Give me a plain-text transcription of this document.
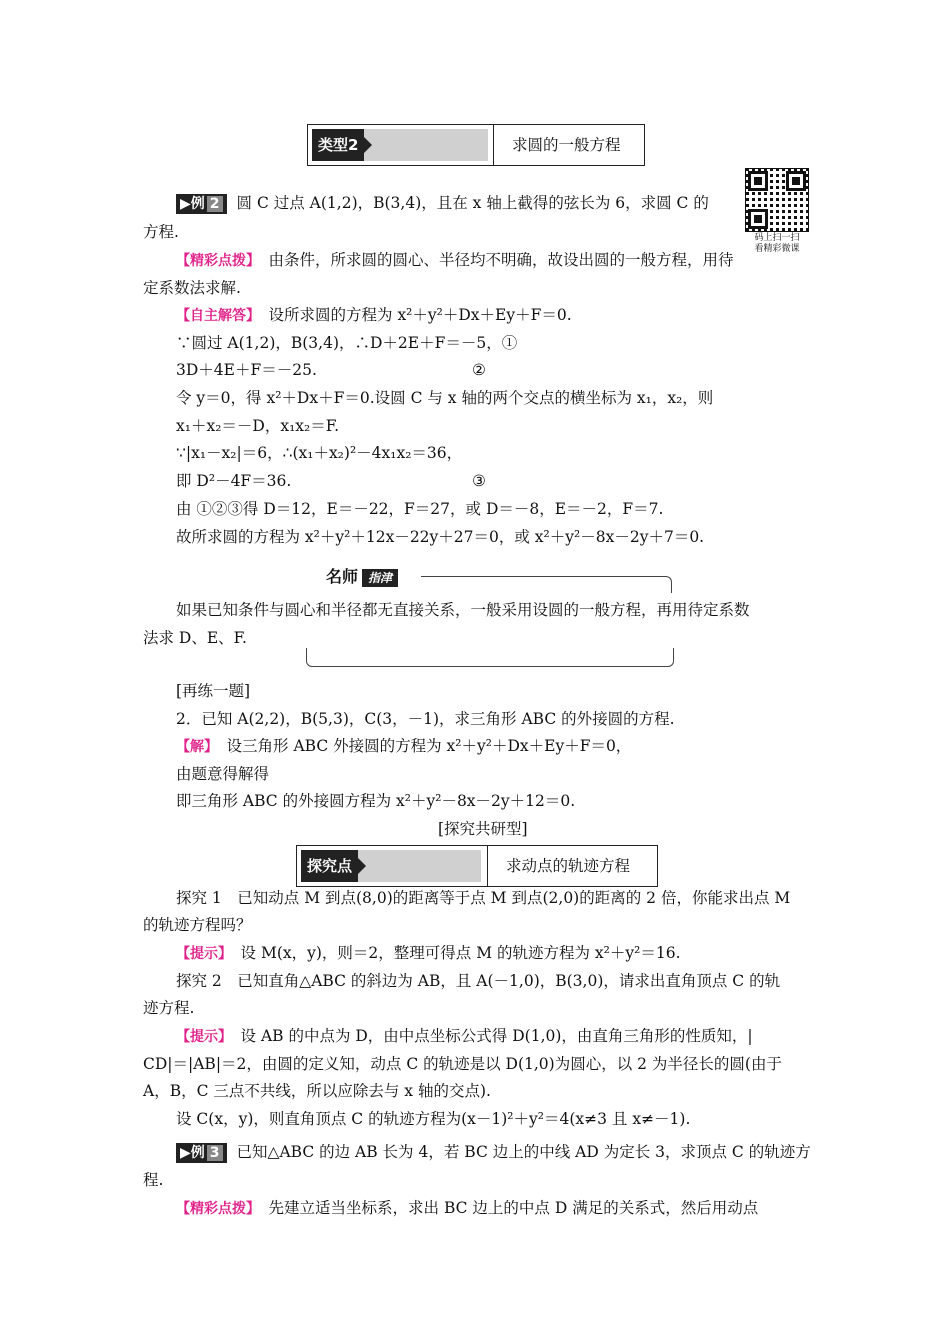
类型2	求圆的一般方程
▶例 2 圆 C 过点 A(1,2)，B(3,4)，且在 x 轴上截得的弦长为 6，求圆 C 的
方程.	码上扫一扫
看精彩微课
【精彩点拨】　 由条件，所求圆的圆心、半径均不明确，故设出圆的一般方程，用待
定系数法求解.
【自主解答】　 设所求圆的方程为 x²＋y²＋Dx＋Ey＋F＝0.
∵圆过 A(1,2)，B(3,4)，∴D＋2E＋F＝－5，①
3D＋4E＋F＝－25.	②
令 y＝0，得 x²＋Dx＋F＝0.设圆 C 与 x 轴的两个交点的横坐标为 x₁，x₂，则
x₁＋x₂＝－D，x₁x₂＝F.
∵|x₁－x₂|＝6，∴(x₁＋x₂)²－4x₁x₂＝36，
即 D²－4F＝36.	③
由 ①②③得 D＝12，E＝－22，F＝27，或 D＝－8，E＝－2，F＝7.
故所求圆的方程为 x²＋y²＋12x－22y＋27＝0，或 x²＋y²－8x－2y＋7＝0.
名师 指津
如果已知条件与圆心和半径都无直接关系，一般采用设圆的一般方程，再用待定系数
法求 D、E、F.
[再练一题]
2．已知 A(2,2)，B(5,3)，C(3，－1)，求三角形 ABC 的外接圆的方程.
【解】　 设三角形 ABC 外接圆的方程为 x²＋y²＋Dx＋Ey＋F＝0，
由题意得解得
即三角形 ABC 的外接圆方程为 x²＋y²－8x－2y＋12＝0.
[探究共研型]
探究点	求动点的轨迹方程
探究 1　已知动点 M 到点(8,0)的距离等于点 M 到点(2,0)的距离的 2 倍，你能求出点 M
的轨迹方程吗？
【提示】　 设 M(x，y)，则＝2，整理可得点 M 的轨迹方程为 x²＋y²＝16.
探究 2　已知直角△ABC 的斜边为 AB，且 A(－1,0)，B(3,0)，请求出直角顶点 C 的轨
迹方程.
【提示】　 设 AB 的中点为 D，由中点坐标公式得 D(1,0)，由直角三角形的性质知，|
CD|＝|AB|＝2，由圆的定义知，动点 C 的轨迹是以 D(1,0)为圆心，以 2 为半径长的圆(由于
A，B，C 三点不共线，所以应除去与 x 轴的交点).
设 C(x，y)，则直角顶点 C 的轨迹方程为(x－1)²＋y²＝4(x≠3 且 x≠－1).
▶例 3 已知△ABC 的边 AB 长为 4，若 BC 边上的中线 AD 为定长 3，求顶点 C 的轨迹方
程.
【精彩点拨】　 先建立适当坐标系，求出 BC 边上的中点 D 满足的关系式，然后用动点
